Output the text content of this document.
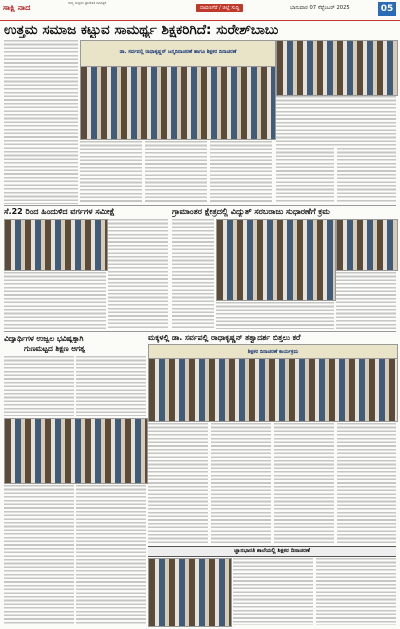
ಸಾಕ್ಷಿ ನಾದ	ರಾಜ್ಯ ಸುದ್ದಿಗಳ ಪ್ರಾದೇಶಿಕ ದಿನಪತ್ರಿಕೆ
ದಾವಣಗೆರೆ / ಜಿಲ್ಲೆ ಸುದ್ದಿ	ಭಾನುವಾರ 07 ಸೆಪ್ಟೆಂಬರ್ 2025	05
ಉತ್ತಮ ಸಮಾಜ ಕಟ್ಟುವ ಸಾಮರ್ಥ್ಯ ಶಿಕ್ಷಕರಿಗಿದೆ: ಸುರೇಶ್‌ಬಾಬು
ಡಾ. ಸರ್ವಪಲ್ಲಿ ರಾಧಾಕೃಷ್ಣನ್ ಜನ್ಮದಿನಾಚರಣೆ ಹಾಗೂ ಶಿಕ್ಷಕರ ದಿನಾಚರಣೆ
ಸೆ.22 ರಿಂದ ಹಿಂದುಳಿದ ವರ್ಗಗಳ ಸಮೀಕ್ಷೆ	ಗ್ರಾಮಾಂತರ ಕ್ಷೇತ್ರದಲ್ಲಿ ವಿದ್ಯುತ್ ಸರಬರಾಜು ಸುಧಾರಣೆಗೆ ಕ್ರಮ
ಮಕ್ಕಳಲ್ಲಿ ಡಾ. ಸರ್ವಪಲ್ಲಿ ರಾಧಾಕೃಷ್ಣನ್ ತತ್ವಾದರ್ಶ ಬಿತ್ತಲು ಕರೆ
ಶಿಕ್ಷಕರ ದಿನಾಚರಣೆ ಕಾರ್ಯಕ್ರಮ
ವಿದ್ಯಾರ್ಥಿಗಳ ಉಜ್ವಲ ಭವಿಷ್ಯಕ್ಕಾಗಿ
ಗುಣಮಟ್ಟದ ಶಿಕ್ಷಣ ಅಗತ್ಯ
ಜ್ಞಾನಭಾರತಿ ಶಾಲೆಯಲ್ಲಿ ಶಿಕ್ಷಕರ ದಿನಾಚರಣೆ
